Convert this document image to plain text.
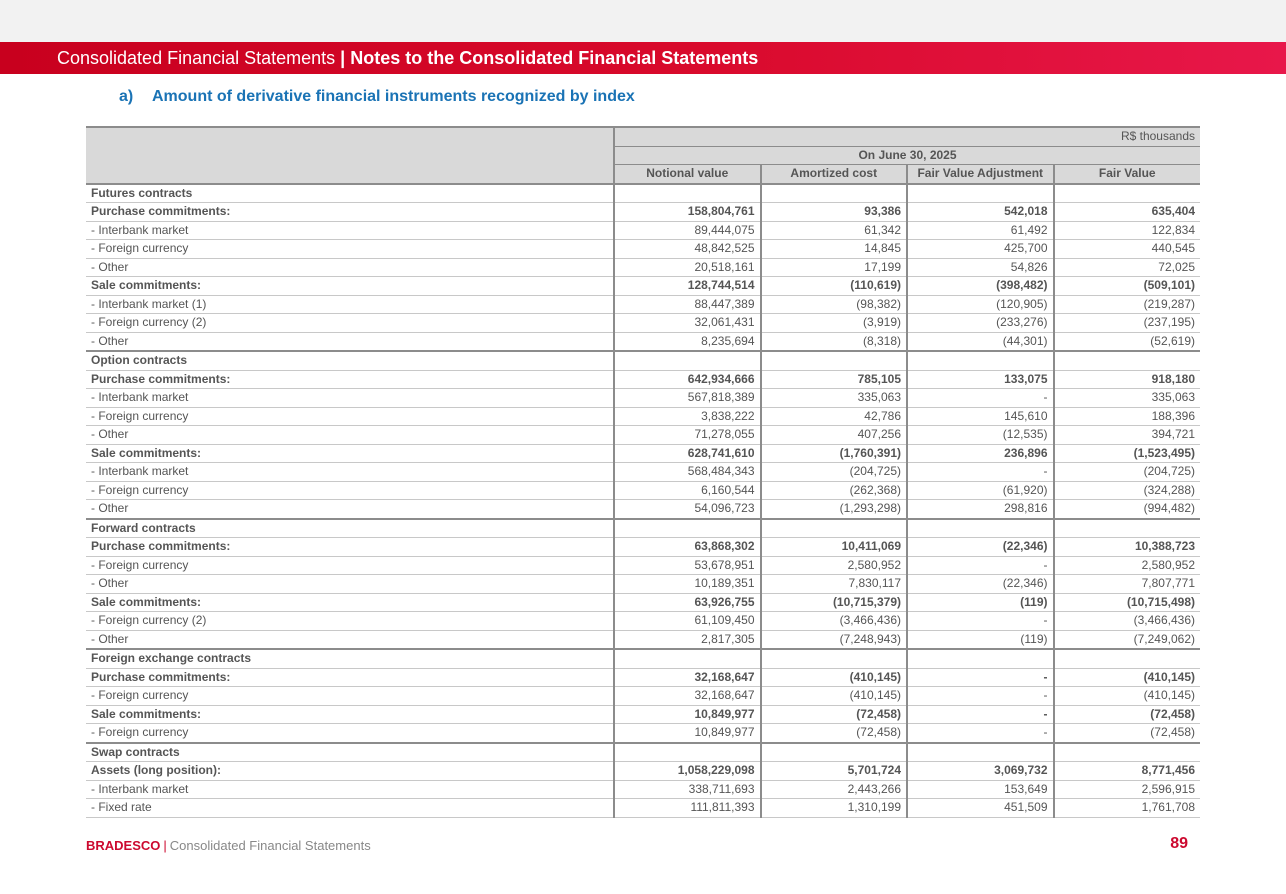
Consolidated Financial Statements | Notes to the Consolidated Financial Statements
a) Amount of derivative financial instruments recognized by index
	R$ thousands			
	On June 30, 2025			
	Notional value	Amortized cost	Fair Value Adjustment	Fair Value
Futures contracts				
Purchase commitments:	158,804,761	93,386	542,018	635,404
- Interbank market	89,444,075	61,342	61,492	122,834
- Foreign currency	48,842,525	14,845	425,700	440,545
- Other	20,518,161	17,199	54,826	72,025
Sale commitments:	128,744,514	(110,619)	(398,482)	(509,101)
- Interbank market (1)	88,447,389	(98,382)	(120,905)	(219,287)
- Foreign currency (2)	32,061,431	(3,919)	(233,276)	(237,195)
- Other	8,235,694	(8,318)	(44,301)	(52,619)
Option contracts				
Purchase commitments:	642,934,666	785,105	133,075	918,180
- Interbank market	567,818,389	335,063	-	335,063
- Foreign currency	3,838,222	42,786	145,610	188,396
- Other	71,278,055	407,256	(12,535)	394,721
Sale commitments:	628,741,610	(1,760,391)	236,896	(1,523,495)
- Interbank market	568,484,343	(204,725)	-	(204,725)
- Foreign currency	6,160,544	(262,368)	(61,920)	(324,288)
- Other	54,096,723	(1,293,298)	298,816	(994,482)
Forward contracts				
Purchase commitments:	63,868,302	10,411,069	(22,346)	10,388,723
- Foreign currency	53,678,951	2,580,952	-	2,580,952
- Other	10,189,351	7,830,117	(22,346)	7,807,771
Sale commitments:	63,926,755	(10,715,379)	(119)	(10,715,498)
- Foreign currency (2)	61,109,450	(3,466,436)	-	(3,466,436)
- Other	2,817,305	(7,248,943)	(119)	(7,249,062)
Foreign exchange contracts				
Purchase commitments:	32,168,647	(410,145)	-	(410,145)
- Foreign currency	32,168,647	(410,145)	-	(410,145)
Sale commitments:	10,849,977	(72,458)	-	(72,458)
- Foreign currency	10,849,977	(72,458)	-	(72,458)
Swap contracts				
Assets (long position):	1,058,229,098	5,701,724	3,069,732	8,771,456
- Interbank market	338,711,693	2,443,266	153,649	2,596,915
- Fixed rate	111,811,393	1,310,199	451,509	1,761,708
BRADESCO | Consolidated Financial Statements	89
